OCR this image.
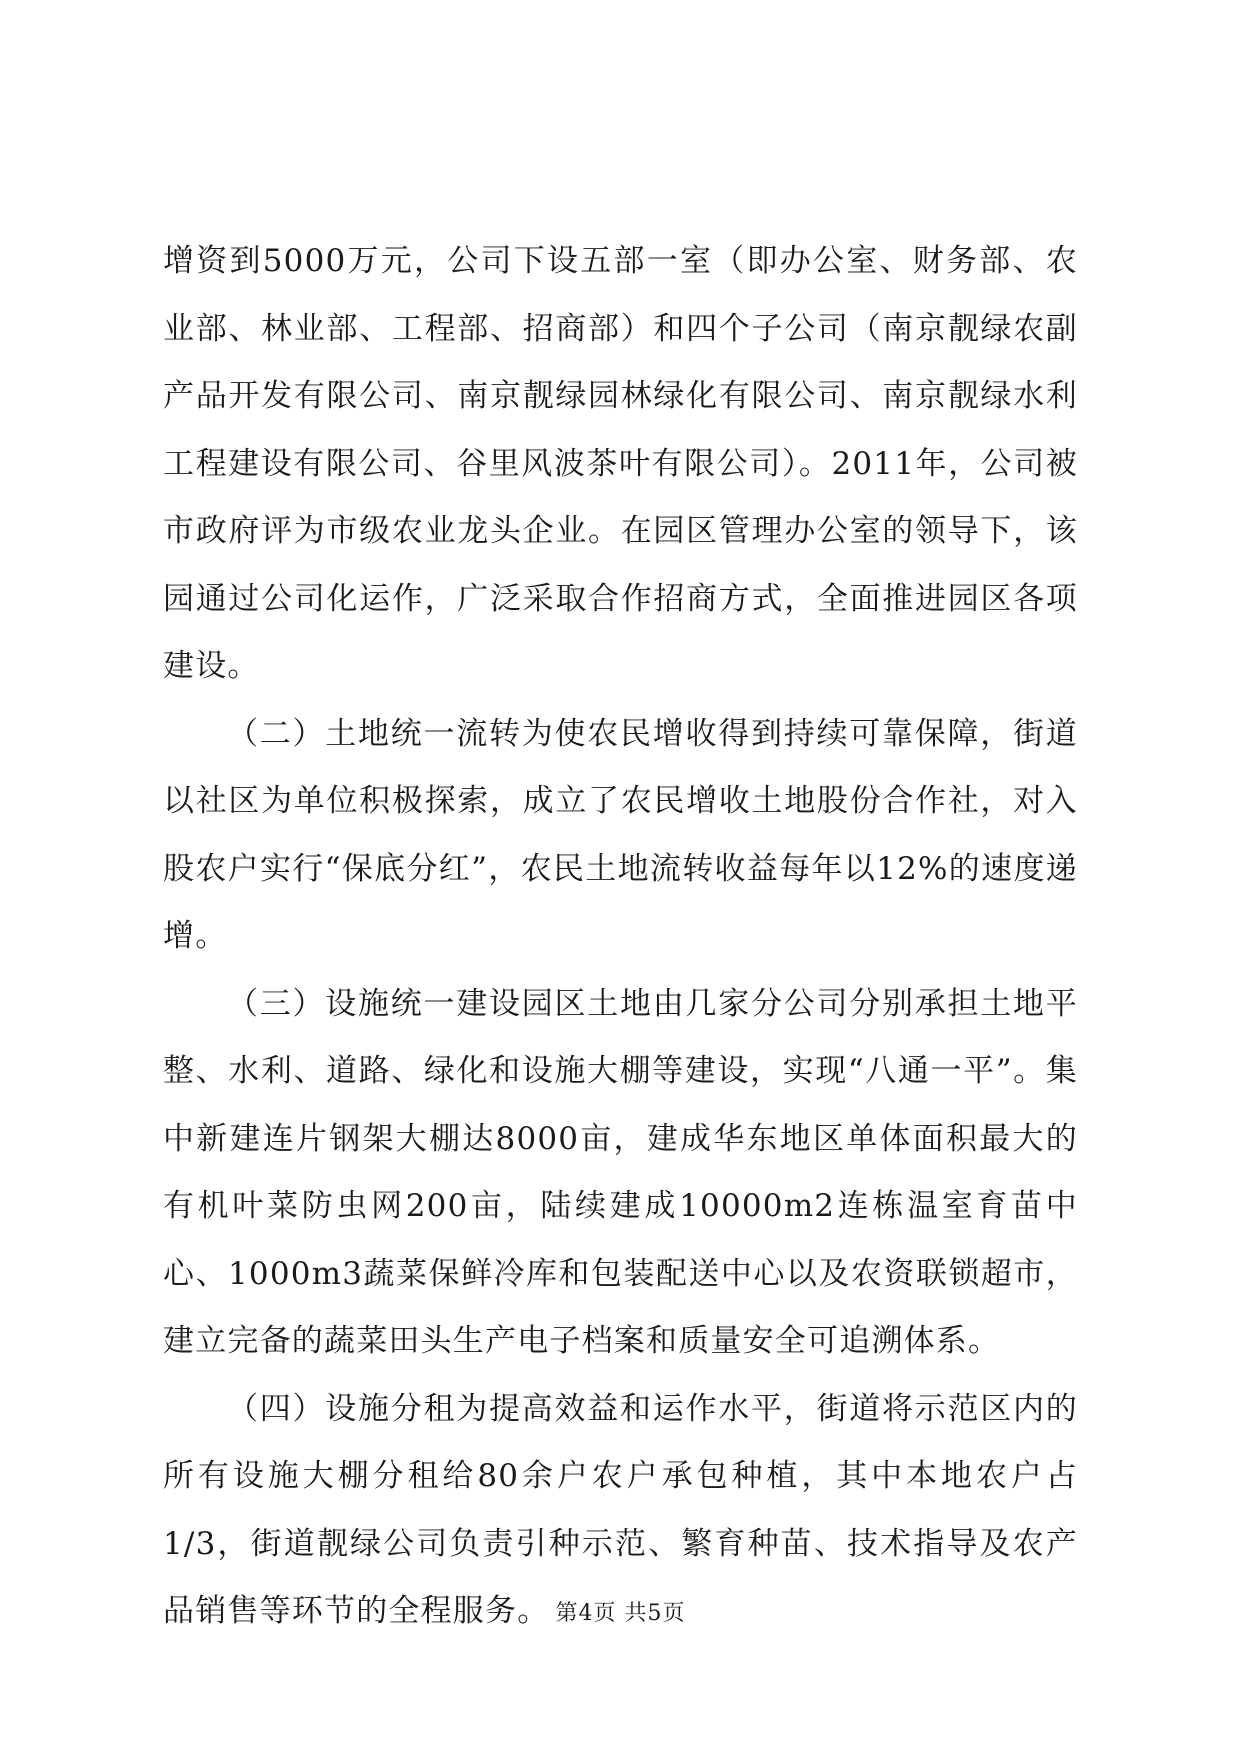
增资到5000万元，公司下设五部一室（即办公室、财务部、农业部、林业部、工程部、招商部）和四个子公司（南京靓绿农副产品开发有限公司、南京靓绿园林绿化有限公司、南京靓绿水利工程建设有限公司、谷里风波茶叶有限公司）。2011年，公司被市政府评为市级农业龙头企业。在园区管理办公室的领导下，该园通过公司化运作，广泛采取合作招商方式，全面推进园区各项建设。

（二）土地统一流转为使农民增收得到持续可靠保障，街道以社区为单位积极探索，成立了农民增收土地股份合作社，对入股农户实行“保底分红”，农民土地流转收益每年以12%的速度递增。

（三）设施统一建设园区土地由几家分公司分别承担土地平整、水利、道路、绿化和设施大棚等建设，实现“八通一平”。集中新建连片钢架大棚达8000亩，建成华东地区单体面积最大的有机叶菜防虫网200亩，陆续建成10000m2连栋温室育苗中心、1000m3蔬菜保鲜冷库和包装配送中心以及农资联锁超市，建立完备的蔬菜田头生产电子档案和质量安全可追溯体系。

（四）设施分租为提高效益和运作水平，街道将示范区内的所有设施大棚分租给80余户农户承包种植，其中本地农户占1/3，街道靓绿公司负责引种示范、繁育种苗、技术指导及农产品销售等环节的全程服务。 第4页 共5页
